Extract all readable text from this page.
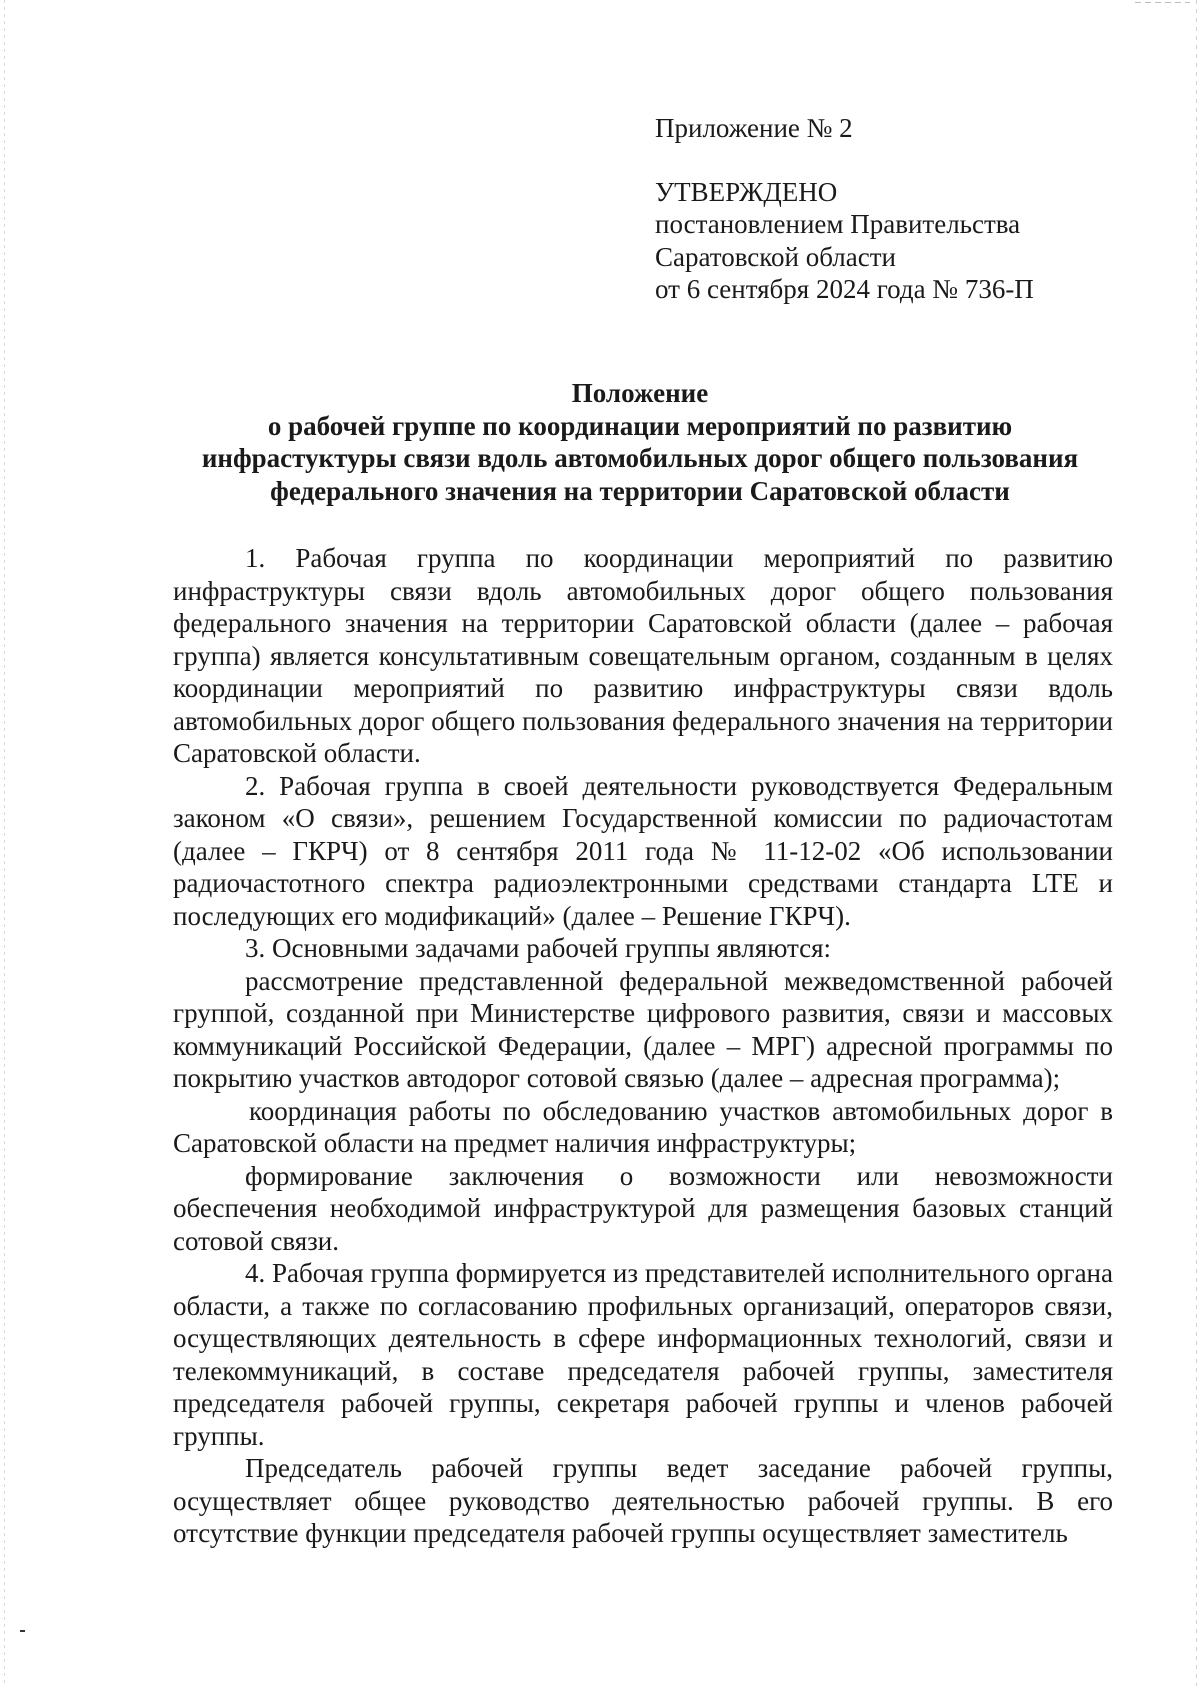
Приложение № 2

УТВЕРЖДЕНО

постановлением Правительства

Саратовской области

от 6 сентября 2024 года № 736-П

Положение

о рабочей группе по координации мероприятий по развитию

инфрастуктуры связи вдоль автомобильных дорог общего пользования

федерального значения на территории Саратовской области

1. Рабочая группа по координации мероприятий по развитию инфраструктуры связи вдоль автомобильных дорог общего пользования федерального значения на территории Саратовской области (далее – рабочая группа) является консультативным совещательным органом, созданным в целях координации мероприятий по развитию инфраструктуры связи вдоль автомобильных дорог общего пользования федерального значения на территории Саратовской области.

2. Рабочая группа в своей деятельности руководствуется Федеральным законом «О связи», решением Государственной комиссии по радиочастотам (далее – ГКРЧ) от 8 сентября 2011 года № 11-12-02 «Об использовании радиочастотного спектра радиоэлектронными средствами стандарта LTE и последующих его модификаций» (далее – Решение ГКРЧ).

3. Основными задачами рабочей группы являются:

рассмотрение представленной федеральной межведомственной рабочей группой, созданной при Министерстве цифрового развития, связи и массовых коммуникаций Российской Федерации, (далее – МРГ) адресной программы по покрытию участков автодорог сотовой связью (далее – адресная программа);

координация работы по обследованию участков автомобильных дорог в Саратовской области на предмет наличия инфраструктуры;

формирование заключения о возможности или невозможности обеспечения необходимой инфраструктурой для размещения базовых станций сотовой связи.

4. Рабочая группа формируется из представителей исполнительного органа области, а также по согласованию профильных организаций, операторов связи, осуществляющих деятельность в сфере информационных технологий, связи и телекоммуникаций, в составе председателя рабочей группы, заместителя председателя рабочей группы, секретаря рабочей группы и членов рабочей группы.

Председатель рабочей группы ведет заседание рабочей группы, осуществляет общее руководство деятельностью рабочей группы. В его отсутствие функции председателя рабочей группы осуществляет заместитель
